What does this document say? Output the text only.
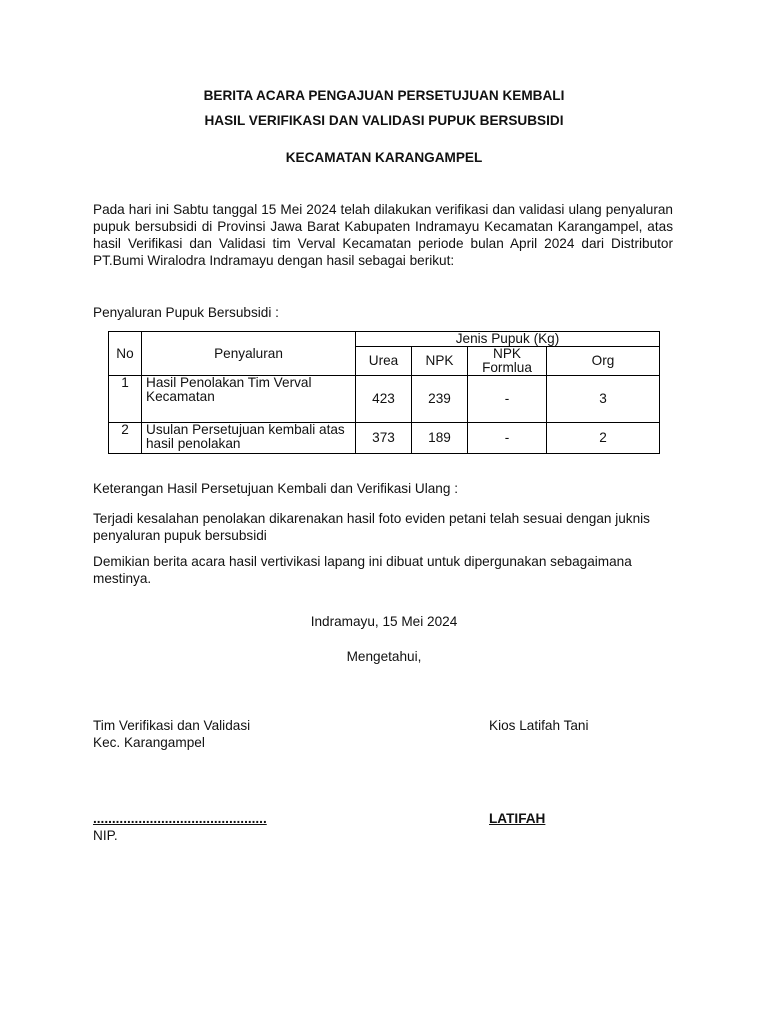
BERITA ACARA PENGAJUAN PERSETUJUAN KEMBALI
HASIL VERIFIKASI DAN VALIDASI PUPUK BERSUBSIDI
KECAMATAN KARANGAMPEL
Pada hari ini Sabtu tanggal 15 Mei 2024 telah dilakukan verifikasi dan validasi ulang penyaluran pupuk bersubsidi di Provinsi Jawa Barat Kabupaten Indramayu Kecamatan Karangampel, atas hasil Verifikasi dan Validasi tim Verval Kecamatan periode bulan April 2024 dari Distributor PT.Bumi Wiralodra Indramayu dengan hasil sebagai berikut:
Penyaluran Pupuk Bersubsidi :
No	Penyaluran	Jenis Pupuk (Kg)			
		Urea	NPK	NPK Formlua	Org
1	Hasil Penolakan Tim Verval Kecamatan	423	239	-	3
2	Usulan Persetujuan kembali atas hasil penolakan	373	189	-	2
Keterangan Hasil Persetujuan Kembali dan Verifikasi Ulang :
Terjadi kesalahan penolakan dikarenakan hasil foto eviden petani telah sesuai dengan juknis penyaluran pupuk bersubsidi
Demikian berita acara hasil vertivikasi lapang ini dibuat untuk dipergunakan sebagaimana mestinya.
Indramayu, 15 Mei 2024
Mengetahui,
Tim Verifikasi dan Validasi
Kec. Karangampel
Kios Latifah Tani
..............................................
NIP.
LATIFAH
